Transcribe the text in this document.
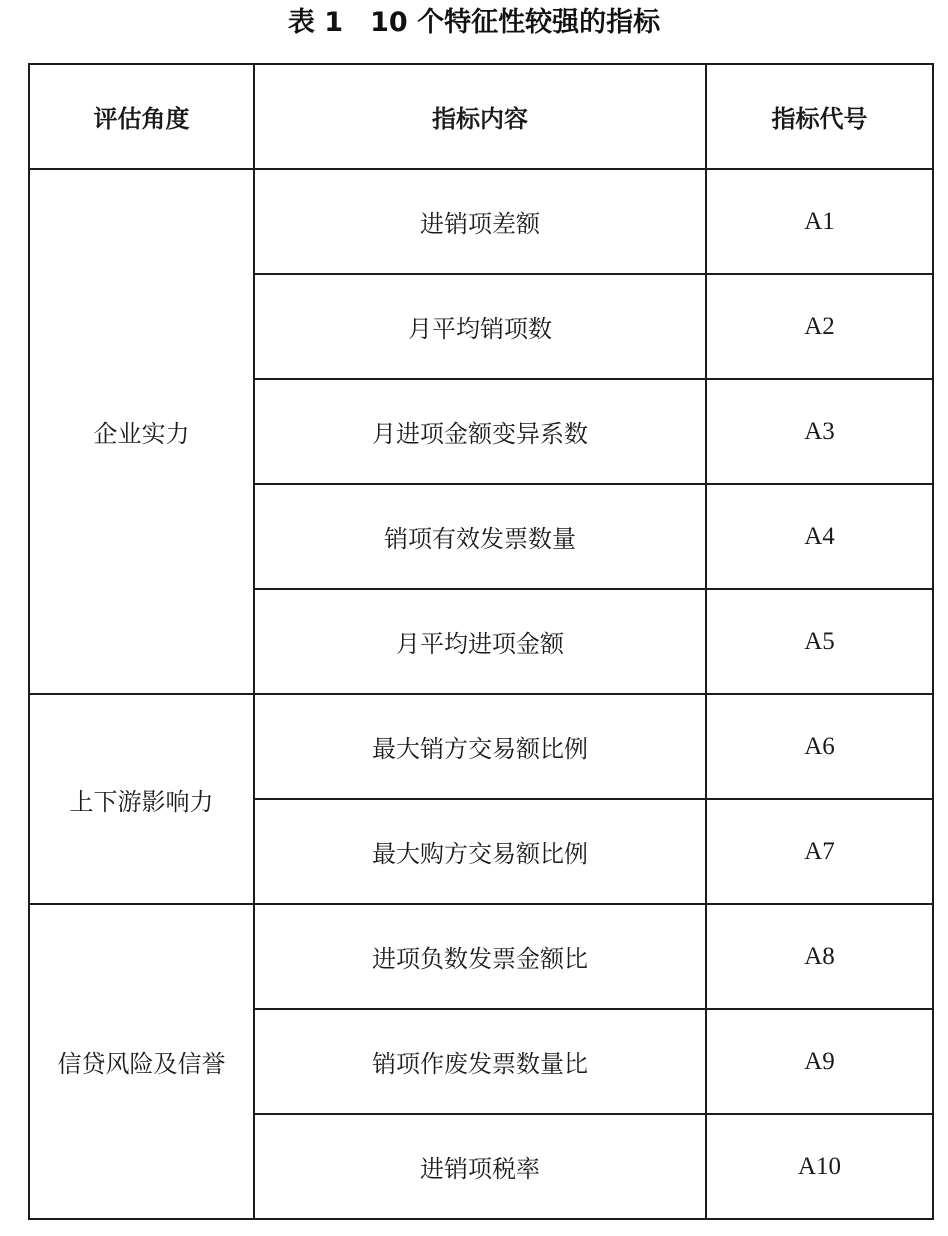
表 1　10 个特征性较强的指标
评估角度	指标内容	指标代号
企业实力	进销项差额	A1
	月平均销项数	A2
	月进项金额变异系数	A3
	销项有效发票数量	A4
	月平均进项金额	A5
上下游影响力	最大销方交易额比例	A6
	最大购方交易额比例	A7
信贷风险及信誉	进项负数发票金额比	A8
	销项作废发票数量比	A9
	进销项税率	A10
